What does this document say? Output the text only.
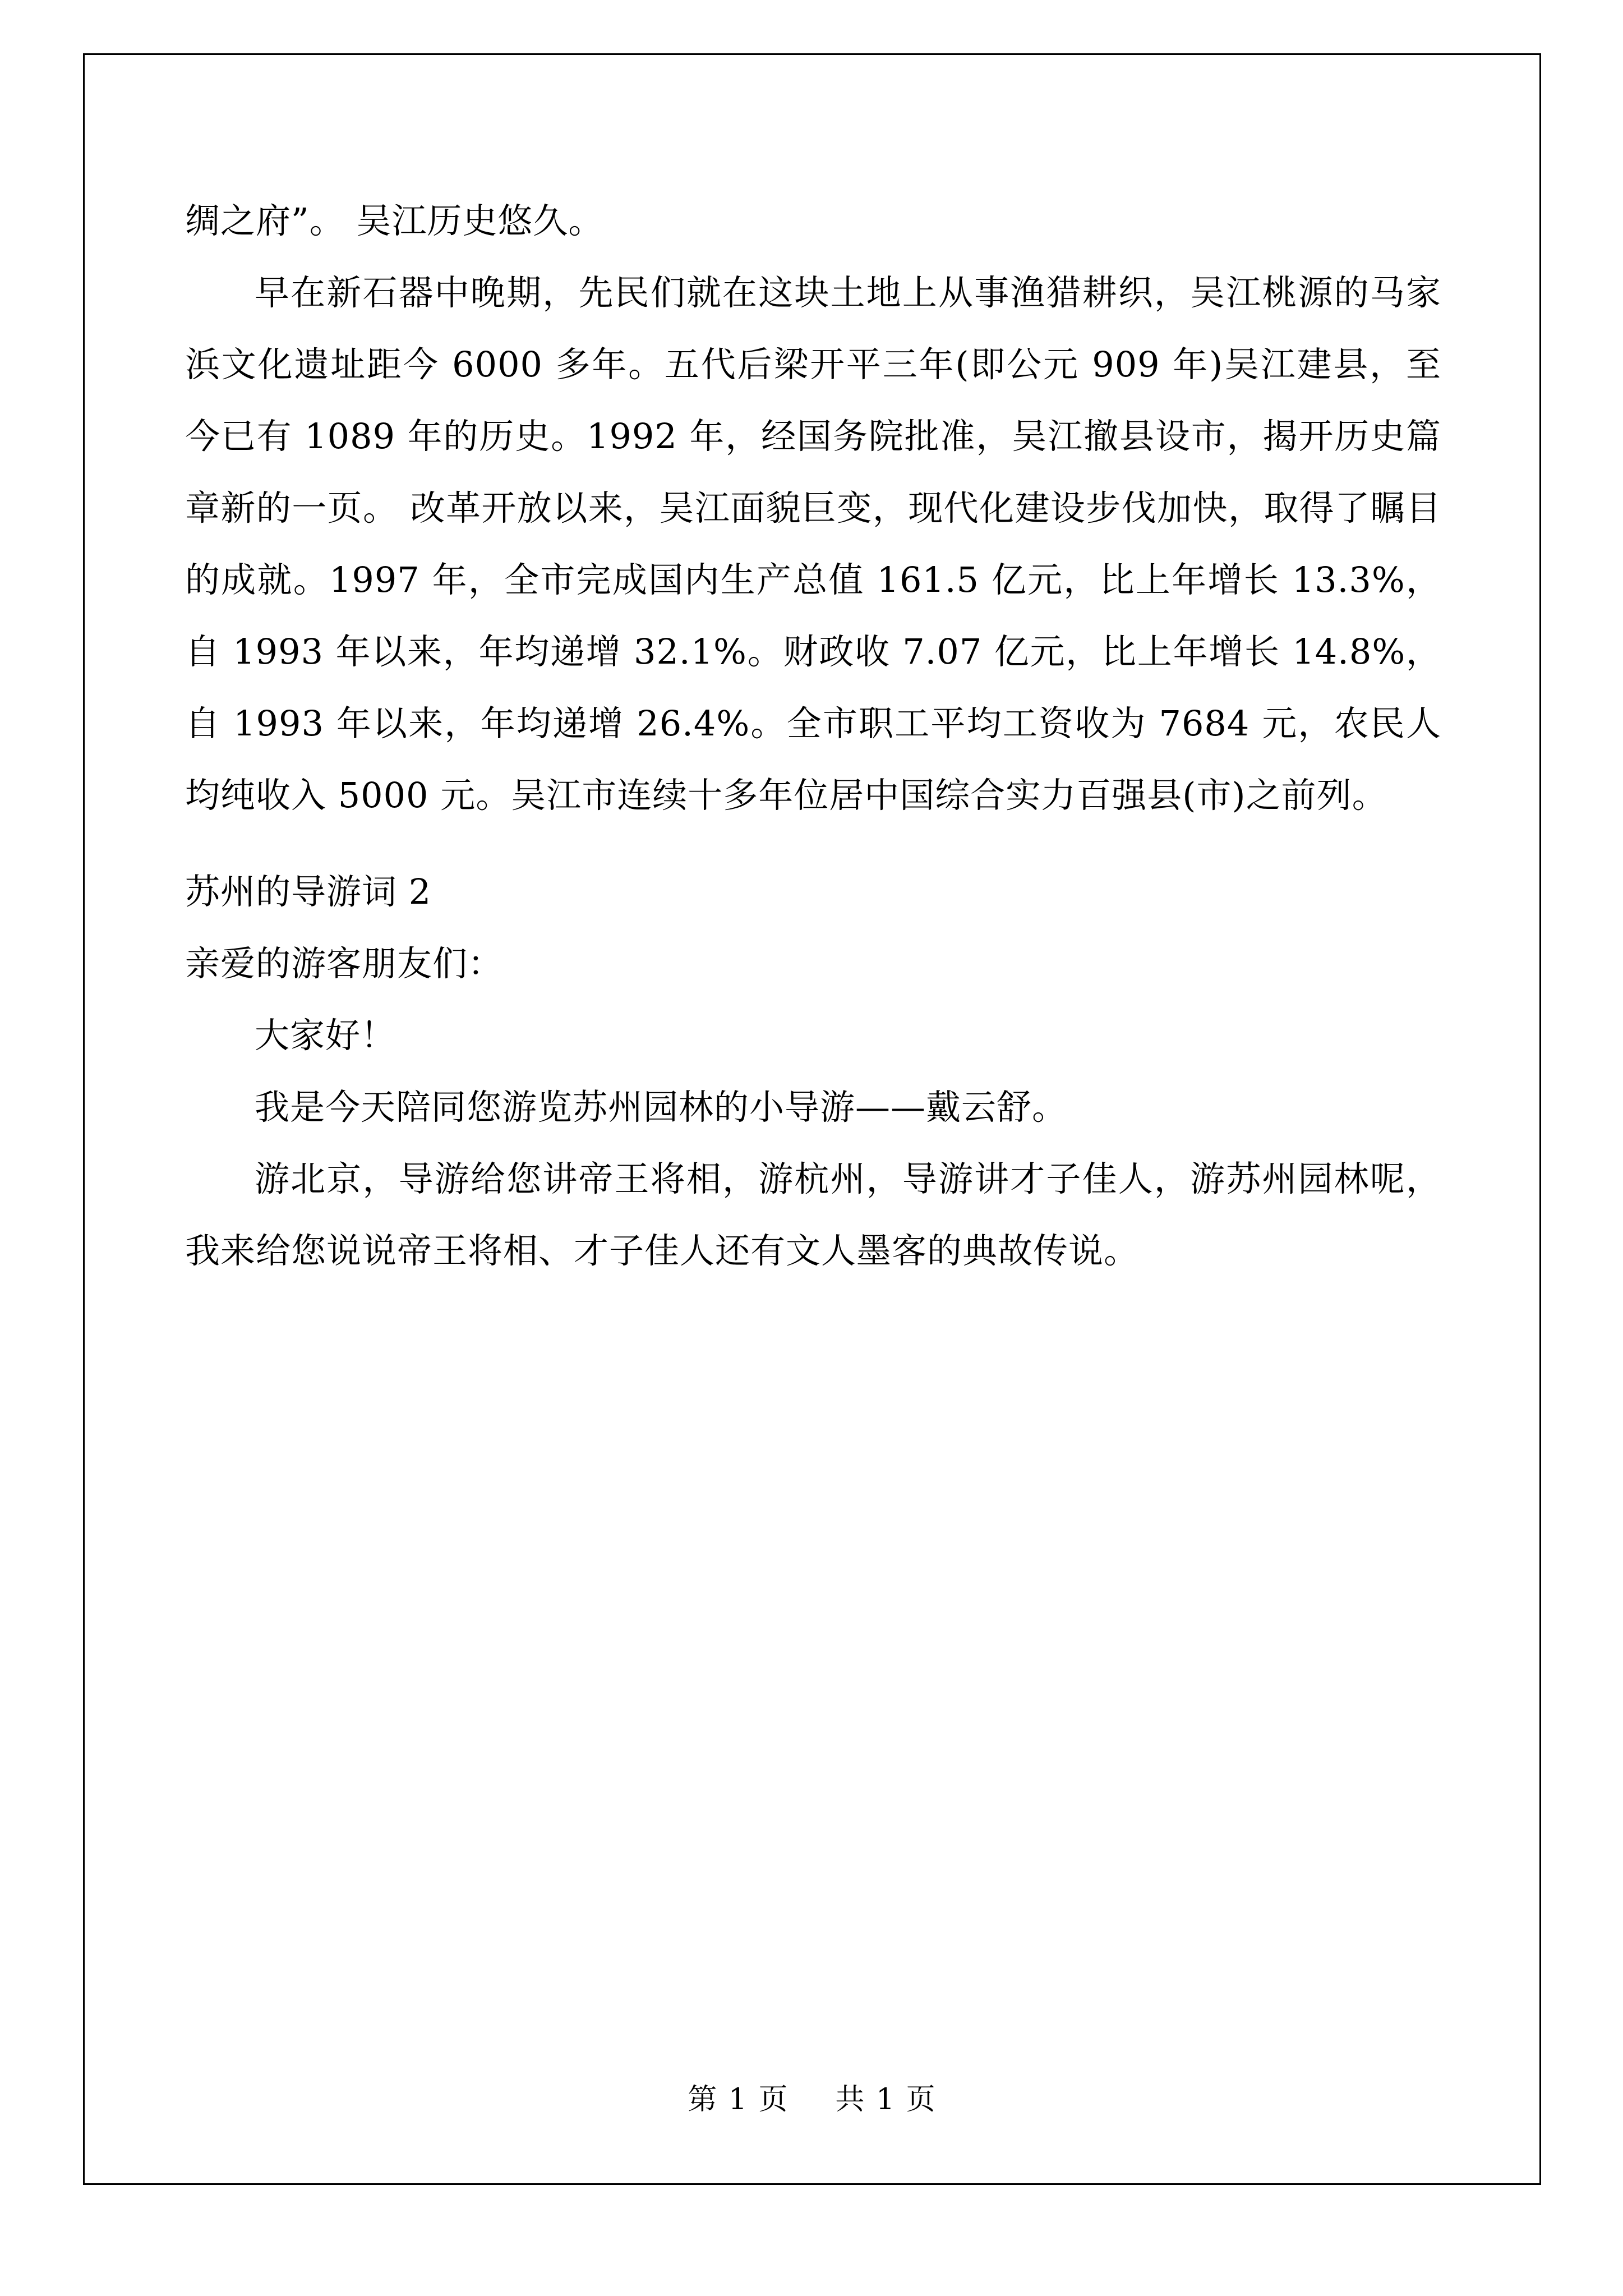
绸之府”。 吴江历史悠久。

早在新石器中晚期，先民们就在这块土地上从事渔猎耕织，吴江桃源的马家浜文化遗址距今 6000 多年。五代后梁开平三年(即公元 909 年)吴江建县，至今已有 1089 年的历史。1992 年，经国务院批准，吴江撤县设市，揭开历史篇章新的一页。 改革开放以来，吴江面貌巨变，现代化建设步伐加快，取得了瞩目的成就。1997 年，全市完成国内生产总值 161.5 亿元，比上年增长 13.3%，自 1993 年以来，年均递增 32.1%。财政收 7.07 亿元，比上年增长 14.8%，自 1993 年以来，年均递增 26.4%。全市职工平均工资收为 7684 元，农民人均纯收入 5000 元。吴江市连续十多年位居中国综合实力百强县(市)之前列。

苏州的导游词 2

亲爱的游客朋友们：

大家好！

我是今天陪同您游览苏州园林的小导游——戴云舒。

游北京，导游给您讲帝王将相，游杭州，导游讲才子佳人，游苏州园林呢，我来给您说说帝王将相、才子佳人还有文人墨客的典故传说。

第 1 页 共 1 页
